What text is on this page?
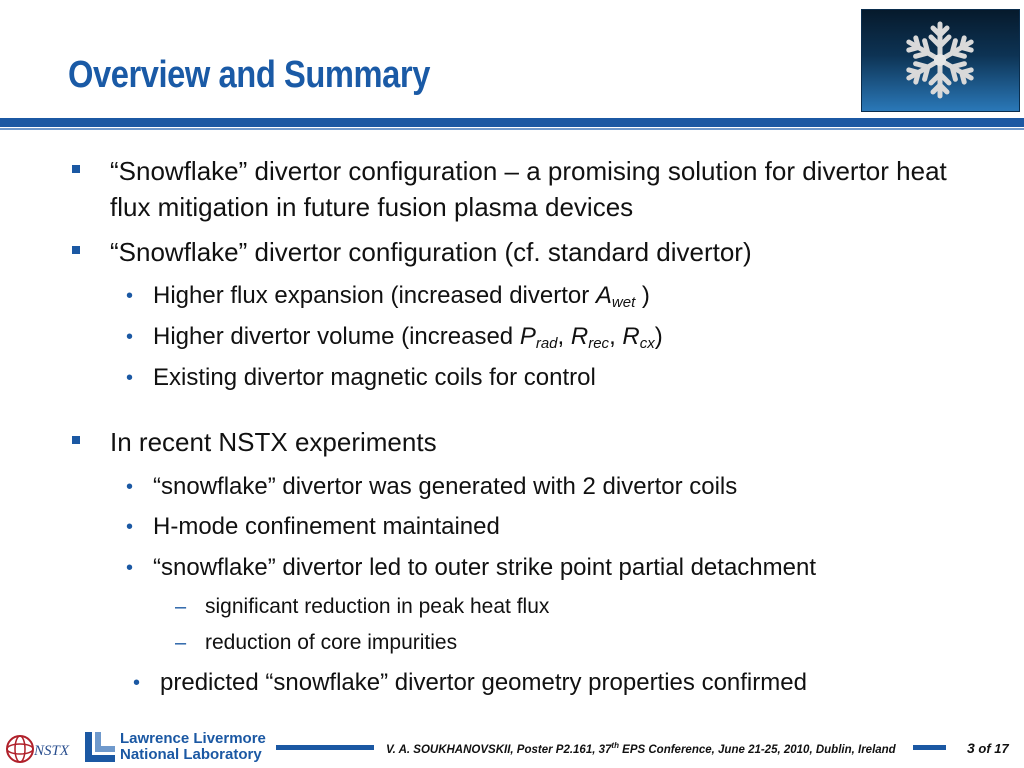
Overview and Summary
“Snowflake” divertor configuration – a promising solution for divertor heat flux mitigation in future fusion plasma devices
“Snowflake” divertor configuration (cf. standard divertor)
• Higher flux expansion (increased divertor $A_{wet}$ )
• Higher divertor volume (increased $P_{rad}$, $R_{rec}$, $R_{cx}$)
• Existing divertor magnetic coils for control
In recent NSTX experiments
• “snowflake” divertor was generated with 2 divertor coils
• H-mode confinement maintained
• “snowflake” divertor led to outer strike point partial detachment
– significant reduction in peak heat flux
– reduction of core impurities
• predicted “snowflake” divertor geometry properties confirmed
NSTX
Lawrence Livermore
National Laboratory	V. A. SOUKHANOVSKII, Poster P2.161, 37th EPS Conference, June 21-25, 2010, Dublin, Ireland	3 of 17
